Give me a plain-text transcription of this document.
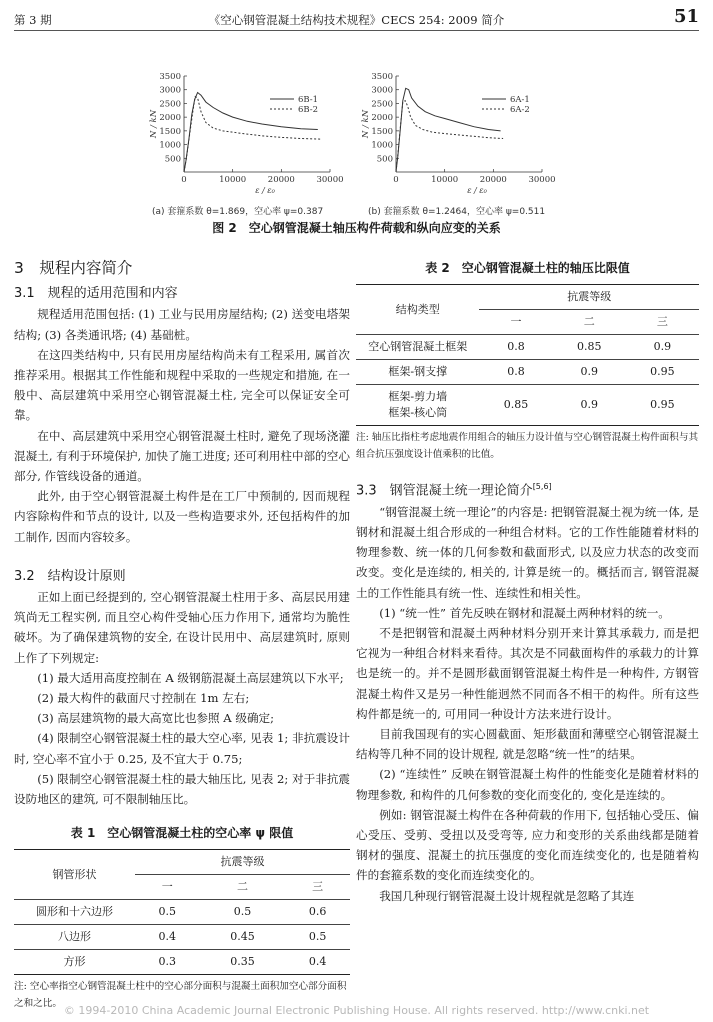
第 3 期	《空心钢管混凝土结构技术规程》CECS 254: 2009 简介	51
500
1000
1500
2000
2500
3000
3500
0	10000	20000	30000
ε / ε₀
N / kN
6B-1
6B-2
500
1000
1500
2000
2500
3000
3500
0	10000	20000	30000
ε / ε₀
N / kN
6A-1
6A-2
(a) 套箍系数 θ=1.869，空心率 ψ=0.387	(b) 套箍系数 θ=1.2464，空心率 ψ=0.511
图 2　空心钢管混凝土轴压构件荷载和纵向应变的关系
3　规程内容简介
3.1　规程的适用范围和内容

规程适用范围包括: (1) 工业与民用房屋结构; (2) 送变电塔架结构; (3) 各类通讯塔; (4) 基础桩。

在这四类结构中, 只有民用房屋结构尚未有工程采用, 属首次推荐采用。根据其工作性能和规程中采取的一些规定和措施, 在一般中、高层建筑中采用空心钢管混凝土柱, 完全可以保证安全可靠。

在中、高层建筑中采用空心钢管混凝土柱时, 避免了现场浇灌混凝土, 有利于环境保护, 加快了施工进度; 还可利用柱中部的空心部分, 作管线设备的通道。

此外, 由于空心钢管混凝土构件是在工厂中预制的, 因而规程内容除构件和节点的设计, 以及一些构造要求外, 还包括构件的加工制作, 因而内容较多。

3.2　结构设计原则

正如上面已经提到的, 空心钢管混凝土柱用于多、高层民用建筑尚无工程实例, 而且空心构件受轴心压力作用下, 通常均为脆性破坏。为了确保建筑物的安全, 在设计民用中、高层建筑时, 原则上作了下列规定:

(1) 最大适用高度控制在 A 级钢筋混凝土高层建筑以下水平;

(2) 最大构件的截面尺寸控制在 1m 左右;

(3) 高层建筑物的最大高宽比也参照 A 级确定;

(4) 限制空心钢管混凝土柱的最大空心率, 见表 1; 非抗震设计时, 空心率不宜小于 0.25, 及不宜大于 0.75;

(5) 限制空心钢管混凝土柱的最大轴压比, 见表 2; 对于非抗震设防地区的建筑, 可不限制轴压比。

表 1　空心钢管混凝土柱的空心率 ψ 限值
钢管形状	抗震等级		
	一	二	三
圆形和十六边形	0.5	0.5	0.6
八边形	0.4	0.45	0.5
方形	0.3	0.35	0.4
注: 空心率指空心钢管混凝土柱中的空心部分面积与混凝土面积加空心部分面积之和之比。
表 2　空心钢管混凝土柱的轴压比限值
结构类型	抗震等级		
	一	二	三
空心钢管混凝土框架	0.8	0.85	0.9
框架-钢支撑	0.8	0.9	0.95
框架-剪力墙
框架-核心筒	0.85	0.9	0.95
注: 轴压比指柱考虑地震作用组合的轴压力设计值与空心钢管混凝土构件面积与其组合抗压强度设计值乘积的比值。
3.3　钢管混凝土统一理论简介[5,6]

“钢管混凝土统一理论”的内容是: 把钢管混凝土视为统一体, 是钢材和混凝土组合形成的一种组合材料。它的工作性能随着材料的物理参数、统一体的几何参数和截面形式, 以及应力状态的改变而改变。变化是连续的, 相关的, 计算是统一的。概括而言, 钢管混凝土的工作性能具有统一性、连续性和相关性。

(1) “统一性” 首先反映在钢材和混凝土两种材料的统一。

不是把钢管和混凝土两种材料分别开来计算其承载力, 而是把它视为一种组合材料来看待。其次是不同截面构件的承载力的计算也是统一的。并不是圆形截面钢管混凝土构件是一种构件, 方钢管混凝土构件又是另一种性能迥然不同而各不相干的构件。所有这些构件都是统一的, 可用同一种设计方法来进行设计。

目前我国现有的实心圆截面、矩形截面和薄壁空心钢管混凝土结构等几种不同的设计规程, 就是忽略“统一性”的结果。

(2) “连续性” 反映在钢管混凝土构件的性能变化是随着材料的物理参数, 和构件的几何参数的变化而变化的, 变化是连续的。

例如: 钢管混凝土构件在各种荷载的作用下, 包括轴心受压、偏心受压、受剪、受扭以及受弯等, 应力和变形的关系曲线都是随着钢材的强度、混凝土的抗压强度的变化而连续变化的, 也是随着构件的套箍系数的变化而连续变化的。

我国几种现行钢管混凝土设计规程就是忽略了其连

© 1994-2010 China Academic Journal Electronic Publishing House. All rights reserved. http://www.cnki.net
